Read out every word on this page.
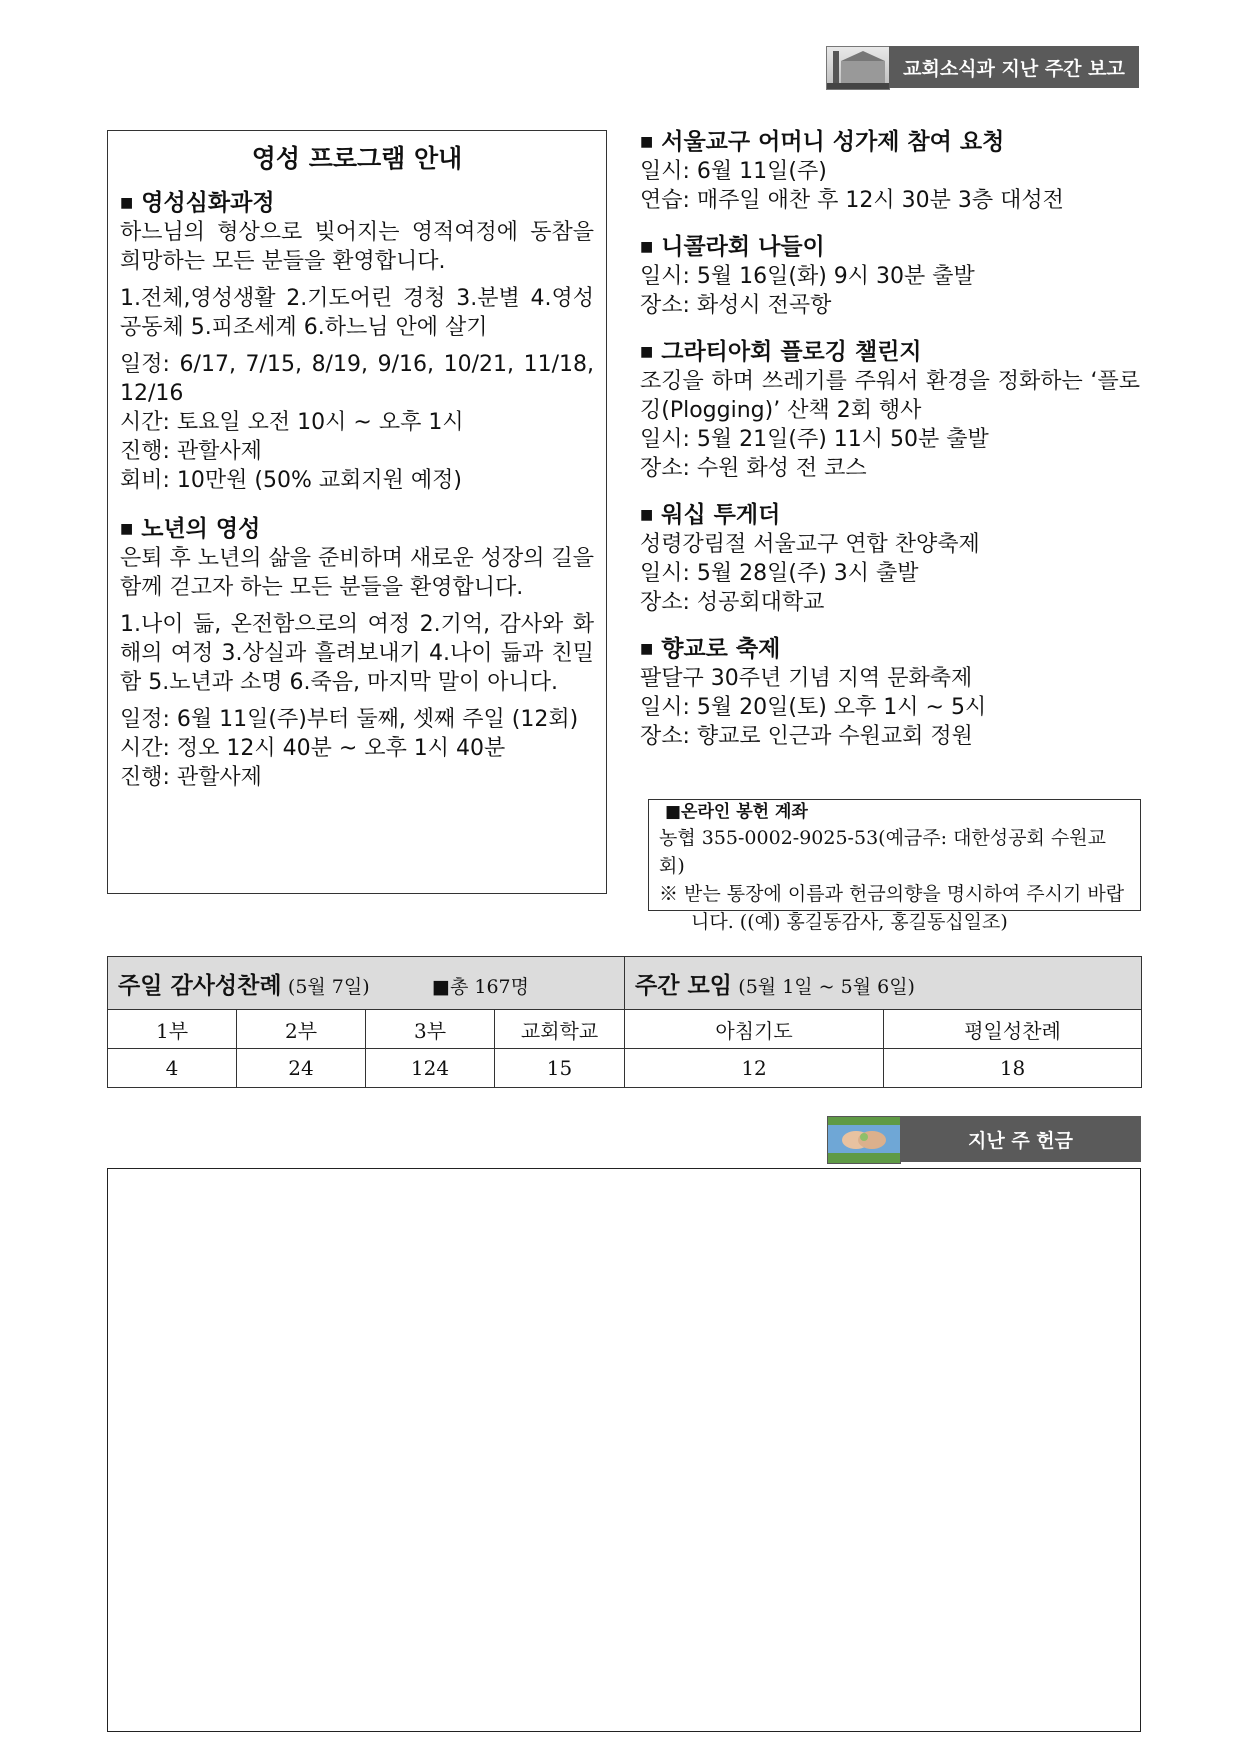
교회소식과 지난 주간 보고
영성 프로그램 안내

■ 영성심화과정

하느님의 형상으로 빚어지는 영적여정에 동참을 희망하는 모든 분들을 환영합니다.

1.전체,영성생활 2.기도어린 경청 3.분별 4.영성 공동체 5.피조세계 6.하느님 안에 살기

일정: 6/17, 7/15, 8/19, 9/16, 10/21, 11/18, 12/16

시간: 토요일 오전 10시 ~ 오후 1시

진행: 관할사제

회비: 10만원 (50% 교회지원 예정)

■ 노년의 영성

은퇴 후 노년의 삶을 준비하며 새로운 성장의 길을 함께 걷고자 하는 모든 분들을 환영합니다.

1.나이 듦, 온전함으로의 여정 2.기억, 감사와 화해의 여정 3.상실과 흘려보내기 4.나이 듦과 친밀함 5.노년과 소명 6.죽음, 마지막 말이 아니다.

일정: 6월 11일(주)부터 둘째, 셋째 주일 (12회)

시간: 정오 12시 40분 ~ 오후 1시 40분

진행: 관할사제

■ 서울교구 어머니 성가제 참여 요청

일시: 6월 11일(주)

연습: 매주일 애찬 후 12시 30분 3층 대성전

■ 니콜라회 나들이

일시: 5월 16일(화) 9시 30분 출발

장소: 화성시 전곡항

■ 그라티아회 플로깅 챌린지

조깅을 하며 쓰레기를 주워서 환경을 정화하는 ‘플로깅(Plogging)’ 산책 2회 행사

일시: 5월 21일(주) 11시 50분 출발

장소: 수원 화성 전 코스

■ 워십 투게더

성령강림절 서울교구 연합 찬양축제

일시: 5월 28일(주) 3시 출발

장소: 성공회대학교

■ 향교로 축제

팔달구 30주년 기념 지역 문화축제

일시: 5월 20일(토) 오후 1시 ~ 5시

장소: 향교로 인근과 수원교회 정원

■온라인 봉헌 계좌
농협 355-0002-9025-53(예금주: 대한성공회 수원교회)
※ 받는 통장에 이름과 헌금의향을 명시하여 주시기 바랍니다. ((예) 홍길동감사, 홍길동십일조)
주일 감사성찬례 (5월 7일) ■총 167명				주간 모임 (5월 1일 ~ 5월 6일)	
1부	2부	3부	교회학교	아침기도	평일성찬례
4	24	124	15	12	18
지난 주 헌금
